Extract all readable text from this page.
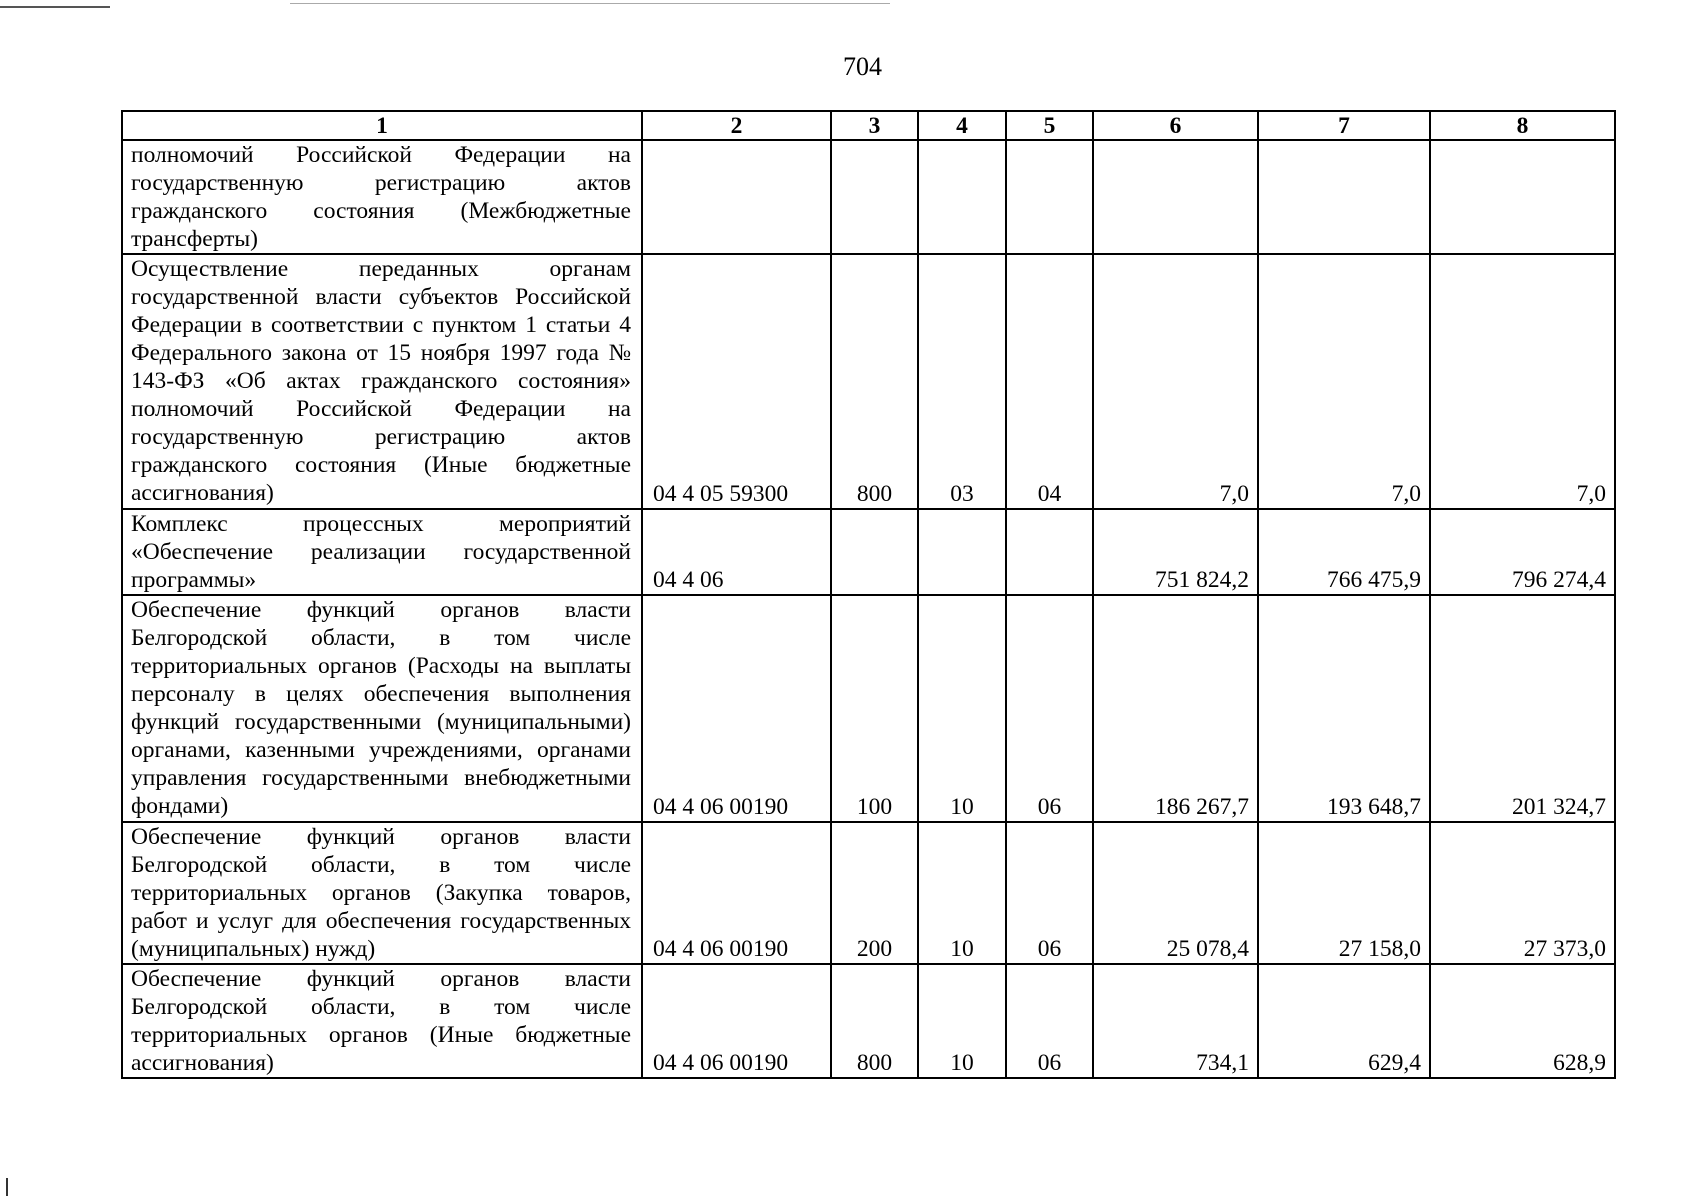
704
1	2	3	4	5	6	7	8
полномочий Российской Федерации на государственную регистрацию актов гражданского состояния (Межбюджетные трансферты)							
Осуществление переданных органам государственной власти субъектов Российской Федерации в соответствии с пунктом 1 статьи 4 Федерального закона от 15 ноября 1997 года № 143-ФЗ «Об актах гражданского состояния» полномочий Российской Федерации на государственную регистрацию актов гражданского состояния (Иные бюджетные ассигнования)	04 4 05 59300	800	03	04	7,0	7,0	7,0
Комплекс процессных мероприятий «Обеспечение реализации государственной программы»	04 4 06				751 824,2	766 475,9	796 274,4
Обеспечение функций органов власти Белгородской области, в том числе территориальных органов (Расходы на выплаты персоналу в целях обеспечения выполнения функций государственными (муниципальными) органами, казенными учреждениями, органами управления государственными внебюджетными фондами)	04 4 06 00190	100	10	06	186 267,7	193 648,7	201 324,7
Обеспечение функций органов власти Белгородской области, в том числе территориальных органов (Закупка товаров, работ и услуг для обеспечения государственных (муниципальных) нужд)	04 4 06 00190	200	10	06	25 078,4	27 158,0	27 373,0
Обеспечение функций органов власти Белгородской области, в том числе территориальных органов (Иные бюджетные ассигнования)	04 4 06 00190	800	10	06	734,1	629,4	628,9
